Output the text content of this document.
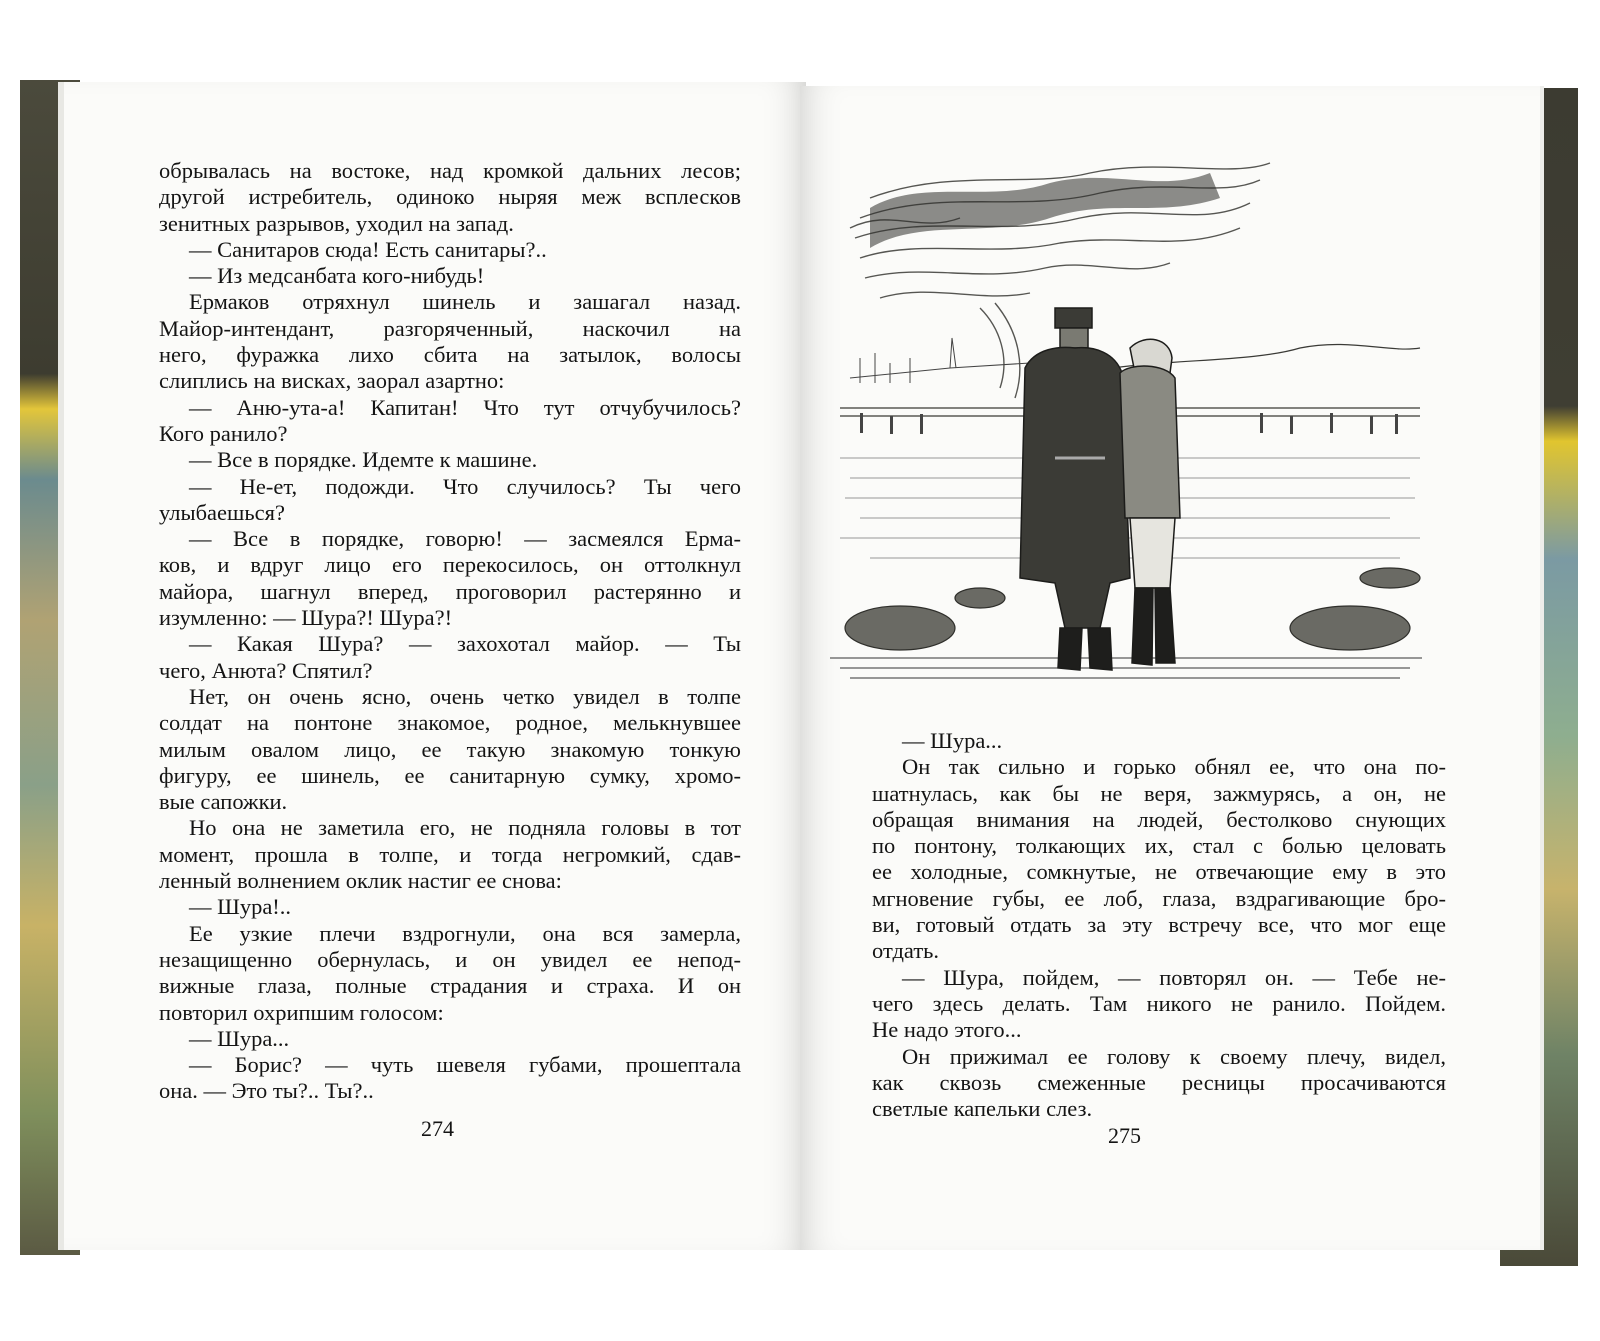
обрывалась на востоке, над кромкой дальних лесов;

другой истребитель, одиноко ныряя меж всплесков

зенитных разрывов, уходил на запад.

— Санитаров сюда! Есть санитары?..

— Из медсанбата кого-нибудь!

Ермаков отряхнул шинель и зашагал назад.

Майор-интендант, разгоряченный, наскочил на

него, фуражка лихо сбита на затылок, волосы

слиплись на висках, заорал азартно:

— Аню-ута-а! Капитан! Что тут отчубучилось?

Кого ранило?

— Все в порядке. Идемте к машине.

— Не-ет, подожди. Что случилось? Ты чего

улыбаешься?

— Все в порядке, говорю! — засмеялся Ерма-

ков, и вдруг лицо его перекосилось, он оттолкнул

майора, шагнул вперед, проговорил растерянно и

изумленно: — Шура?! Шура?!

— Какая Шура? — захохотал майор. — Ты

чего, Анюта? Спятил?

Нет, он очень ясно, очень четко увидел в толпе

солдат на понтоне знакомое, родное, мелькнувшее

милым овалом лицо, ее такую знакомую тонкую

фигуру, ее шинель, ее санитарную сумку, хромо-

вые сапожки.

Но она не заметила его, не подняла головы в тот

момент, прошла в толпе, и тогда негромкий, сдав-

ленный волнением оклик настиг ее снова:

— Шура!..

Ее узкие плечи вздрогнули, она вся замерла,

незащищенно обернулась, и он увидел ее непод-

вижные глаза, полные страдания и страха. И он

повторил охрипшим голосом:

— Шура...

— Борис? — чуть шевеля губами, прошептала

она. — Это ты?.. Ты?..

274

— Шура...

Он так сильно и горько обнял ее, что она по-

шатнулась, как бы не веря, зажмурясь, а он, не

обращая внимания на людей, бестолково снующих

по понтону, толкающих их, стал с болью целовать

ее холодные, сомкнутые, не отвечающие ему в это

мгновение губы, ее лоб, глаза, вздрагивающие бро-

ви, готовый отдать за эту встречу все, что мог еще

отдать.

— Шура, пойдем, — повторял он. — Тебе не-

чего здесь делать. Там никого не ранило. Пойдем.

Не надо этого...

Он прижимал ее голову к своему плечу, видел,

как сквозь смеженные ресницы просачиваются

светлые капельки слез.

275
